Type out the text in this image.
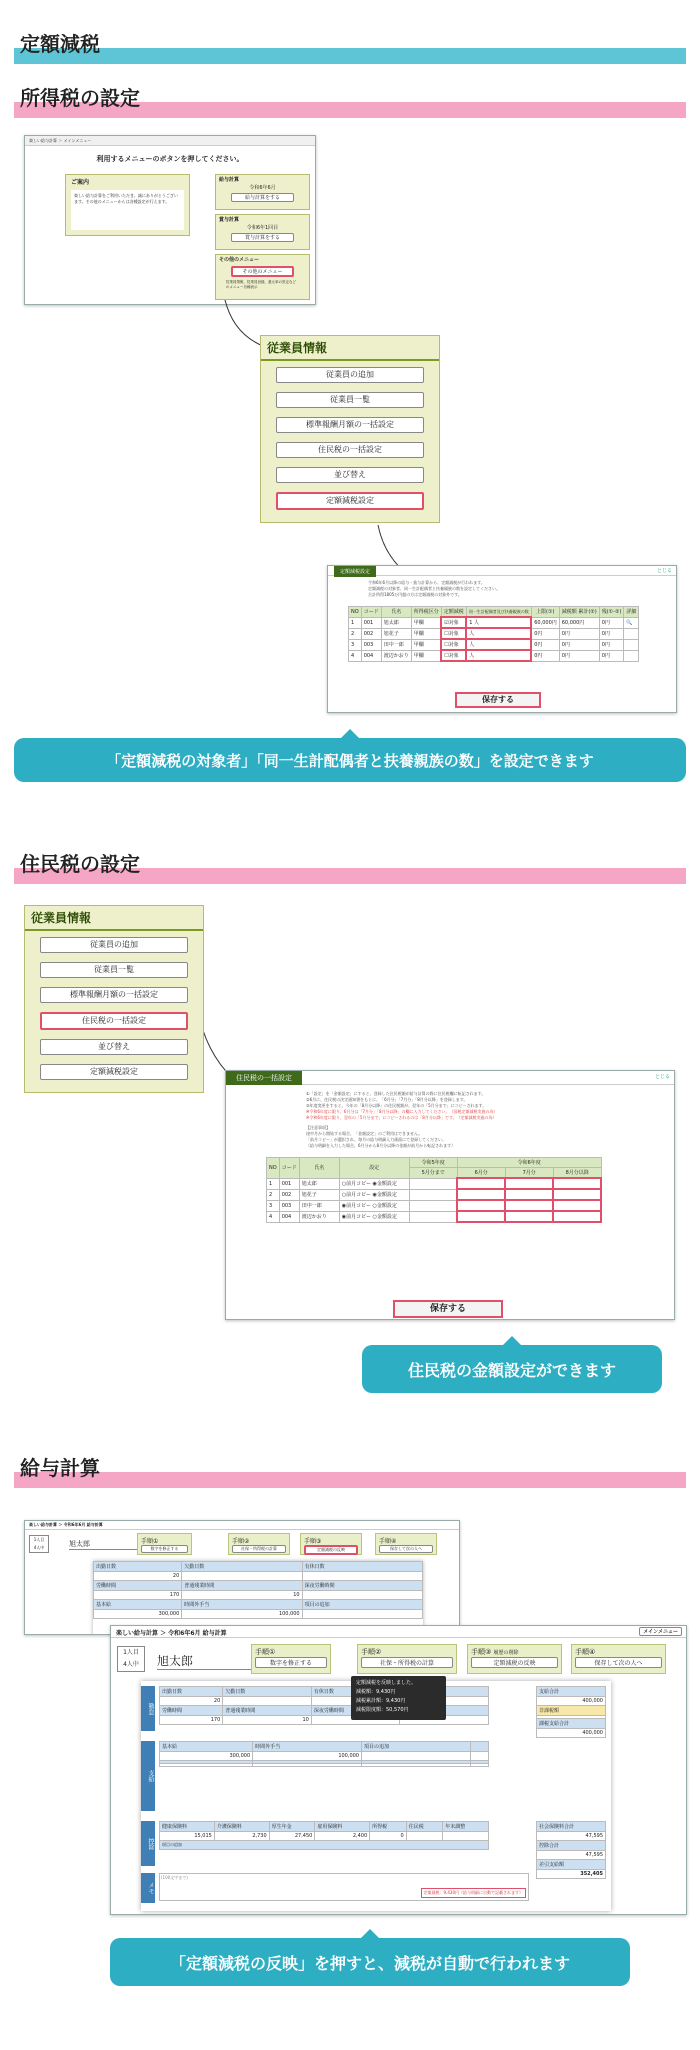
定額減税
所得税の設定
楽しい給与計算 ＞ メインメニュー
利用するメニューのボタンを押してください。
ご案内
楽しい給与計算をご利用いただき、誠にありがとうございます。その他のメニューからは各種設定が行えます。
給与計算
令和6年6月
給与計算をする
賞与計算
令和6年1回目
賞与計算をする
その他のメニュー
その他のメニュー
従業員情報、従業員登録、還元率の設定などのメニュー各種表示
従業員情報
従業員の追加
従業員一覧
標準報酬月額の一括設定
住民税の一括設定
並び替え
定額減税設定
定額減税設定	とじる
令和6年6月以降の給与・賞与計算から、定額減税が行われます。
定額減税の対象者、同一生計配偶者と扶養親族の数を設定してください。
合計所得1805万円超の方は定額減税の対象外です。
NO	コード	氏名	所得税区分	定額減税	同一生計配偶者及び扶養親族の数	上限(①)	減税額 累計(②)	残(①-②)	詳細
1	001	旭太郎	甲欄	☑対象	1 人	60,000円	60,000円	0円	🔍
2	002	旭花子	甲欄	☐対象	人	0円	0円	0円	
3	003	田中一郎	甲欄	☐対象	人	0円	0円	0円	
4	004	渡辺かおり	甲欄	☐対象	人	0円	0円	0円	
保存する
「定額減税の対象者」「同一生計配偶者と扶養親族の数」を設定できます
住民税の設定
従業員情報
従業員の追加
従業員一覧
標準報酬月額の一括設定
住民税の一括設定
並び替え
定額減税設定
住民税の一括設定	とじる
①「設定」を「金額設定」にすると、登録した住民税額が給与計算の際に住民税欄に転記されます。
②6月に、住民税の決定通知書をもとに、「6月分」「7月分」「8月分以降」を登録します。
③年度変更をすると、今年の「8月分以降」の住民税額が、翌年の「5月分まで」にコピーされます。
※令和6年度に限り、6月分は「7月分」「8月分以降」の欄に入力してください。（国税定額減税実施の為）
※令和6年度に限り、翌年の「5月分まで」にコピーされるのは「8月分以降」です。（定額減税実施の為）
【注意事項】
途中月から開始する場合、「金額設定」のご利用はできません。
「前月コピー」が選択され、毎月の給与明細入力画面にて登録してください。
（給与明細を入力した場合、6月分から8月分以降の金額が前月から転記されます）
NO	コード	氏名	設定	令和5年度	令和6年度		
				5月分まで	6月分	7月分	8月分以降
1	001	旭太郎	○前月コピー ◉金額設定				
2	002	旭花子	○前月コピー ◉金額設定				
3	003	田中一郎	◉前月コピー ○金額設定				
4	004	渡辺かおり	◉前月コピー ○金額設定				
保存する
住民税の金額設定ができます
給与計算
楽しい給与計算 ＞ 令和6年6月 給与計算
1人目
4人中	旭太郎	手順①
数字を修正する
手順②
社保・所得税の計算
手順③
定額減税の反映
手順④
保存して次の人へ
出勤日数	欠勤日数	有休日数
20		
労働時間	普通残業時間	深夜労働時間
170	10	
基本給	時間外手当	項目の追加
300,000	100,000	
楽しい給与計算 ＞ 令和6年6月 給与計算	メインメニュー
1人目
4人中	旭太郎
手順①
数字を修正する
手順②
社保・所得税の計算
手順③ 履歴の削除
定額減税の反映
手順④
保存して次の人へ
勤怠
支給
控除
メモ
出勤日数	欠勤日数	有休日数	
20			
労働時間	普通残業時間	深夜労働時間	
170	10		
基本給	時間外手当	項目の追加	
300,000	100,000		

健康保険料	介護保険料	厚生年金	雇用保険料	所得税	住民税	年末調整
15,015	2,730	27,450	2,400	0		
項目の追加						
(100文字まで)
定額減税：9,430円（給与明細に自動で記載されます）
支給合計
400,000
非課税額

課税支給合計
400,000
社会保険料合計
47,595
控除合計
47,595
差引支給額
352,405
定額減税を反映しました。
減税額：9,430円
減税累計額：9,430円
減税限度額：50,570円
「定額減税の反映」を押すと、減税が自動で行われます
